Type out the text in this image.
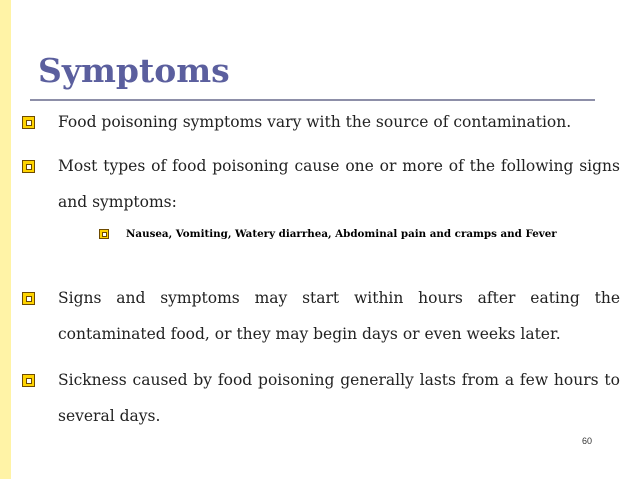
Symptoms

Food poisoning symptoms vary with the source of contamination.

Most types of food poisoning cause one or more of the following signs and symptoms:

Nausea, Vomiting, Watery diarrhea, Abdominal pain and cramps and Fever

Signs and symptoms may start within hours after eating the contaminated food, or they may begin days or even weeks later.

Sickness caused by food poisoning generally lasts from a few hours to several days.

60
